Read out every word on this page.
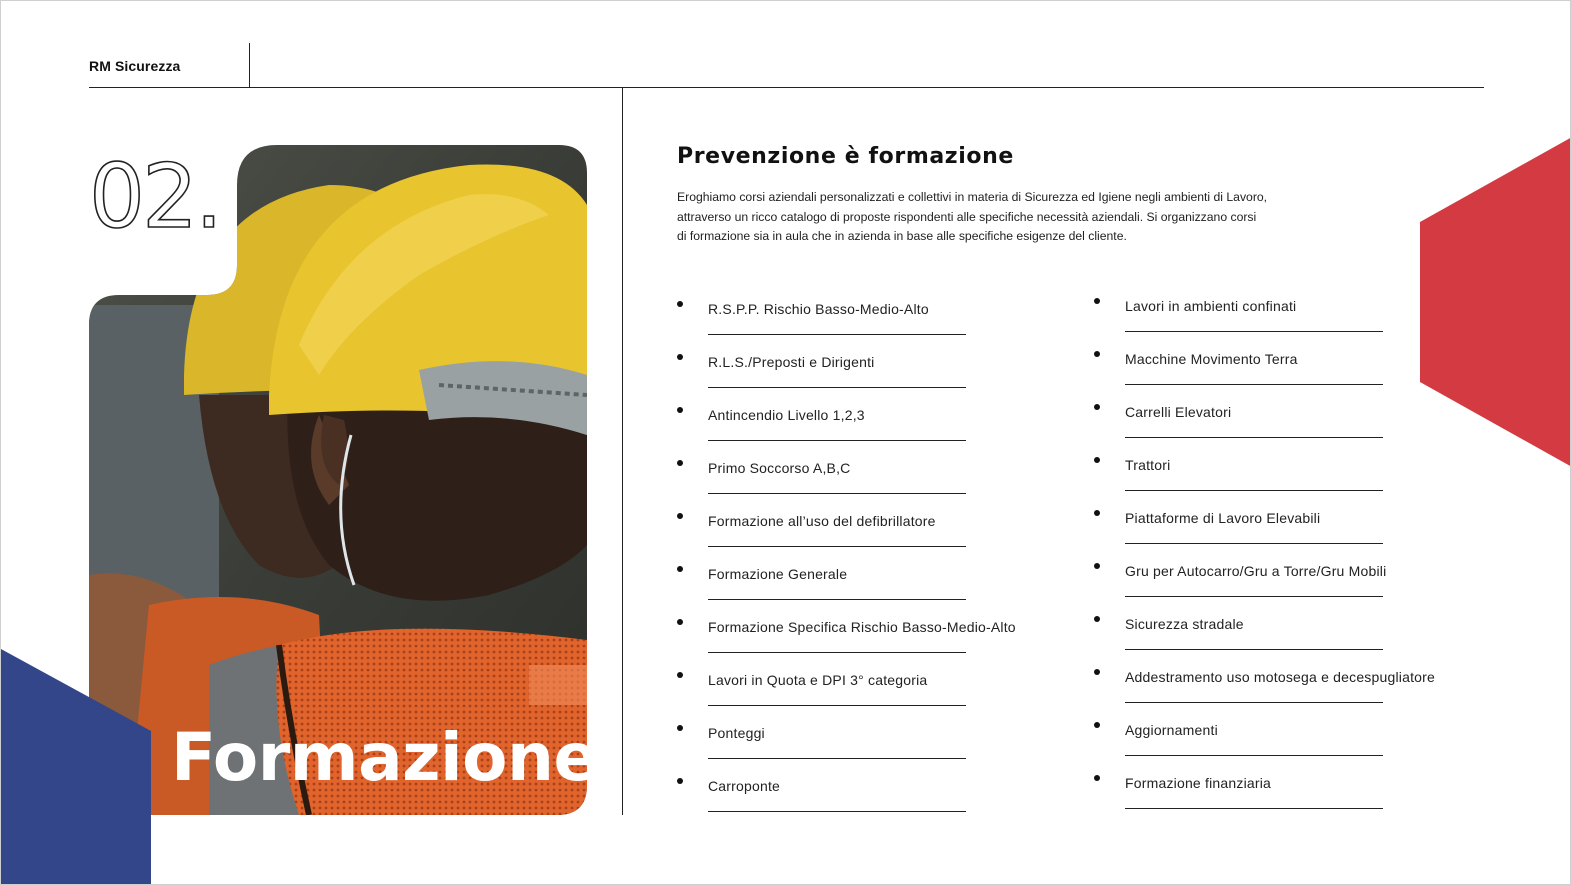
RM Sicurezza
02.
Formazione
Prevenzione è formazione
Eroghiamo corsi aziendali personalizzati e collettivi in materia di Sicurezza ed Igiene negli ambienti di Lavoro,
attraverso un ricco catalogo di proposte rispondenti alle specifiche necessità aziendali. Si organizzano corsi
di formazione sia in aula che in azienda in base alle specifiche esigenze del cliente.
R.S.P.P. Rischio Basso-Medio-Alto
R.L.S./Preposti e Dirigenti
Antincendio Livello 1,2,3
Primo Soccorso A,B,C
Formazione all’uso del defibrillatore
Formazione Generale
Formazione Specifica Rischio Basso-Medio-Alto
Lavori in Quota e DPI 3° categoria
Ponteggi
Carroponte
Lavori in ambienti confinati
Macchine Movimento Terra
Carrelli Elevatori
Trattori
Piattaforme di Lavoro Elevabili
Gru per Autocarro/Gru a Torre/Gru Mobili
Sicurezza stradale
Addestramento uso motosega e decespugliatore
Aggiornamenti
Formazione finanziaria
